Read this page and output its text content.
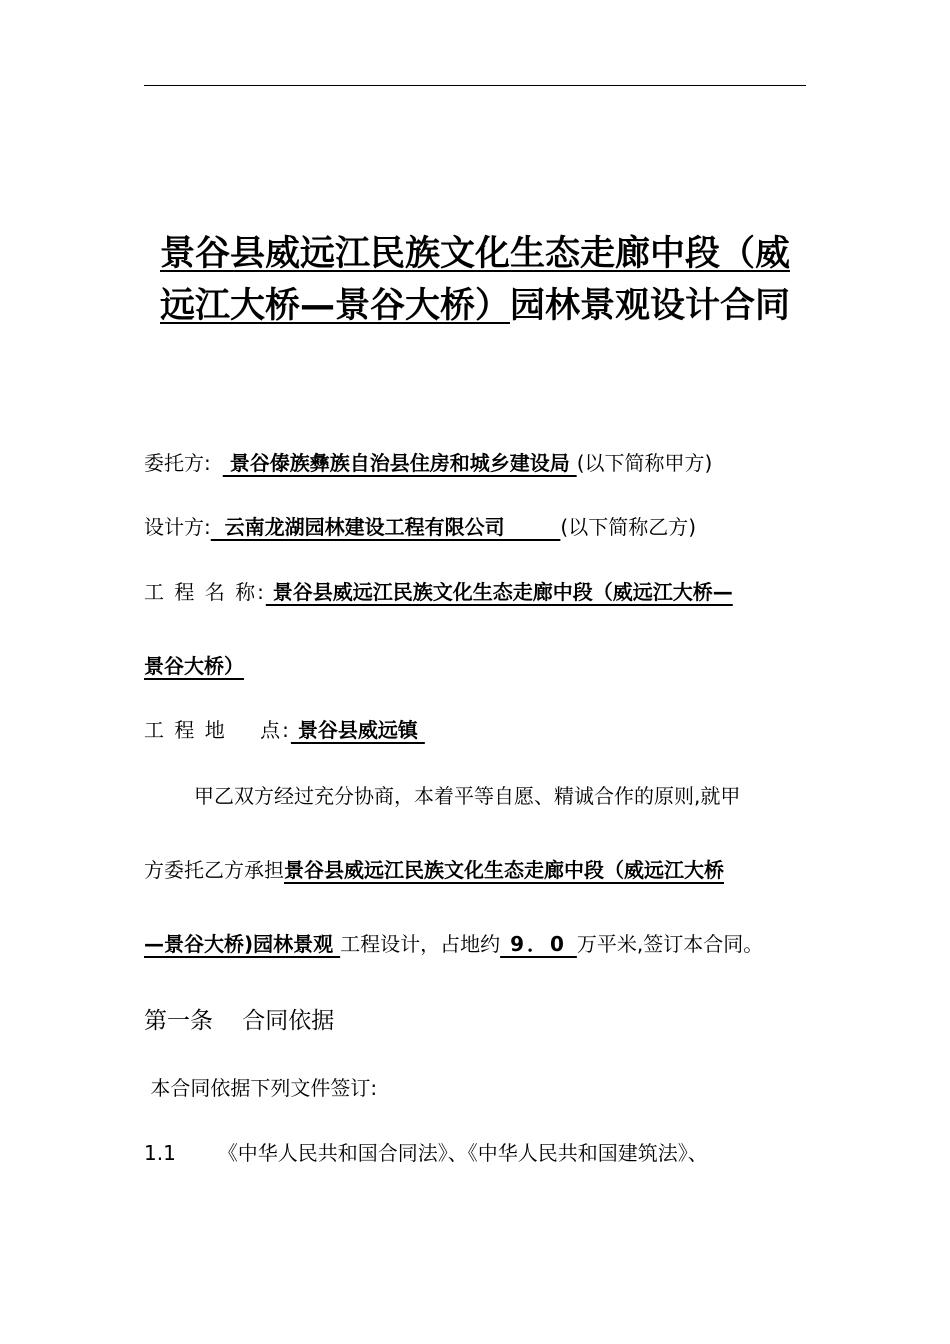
景谷县威远江民族文化生态走廊中段（威
远江大桥—景谷大桥）园林景观设计合同
委托方: 景谷傣族彝族自治县住房和城乡建设局 (以下简称甲方)
设计方:  云南龙湖园林建设工程有限公司        (以下简称乙方)
工 程 名 称: 景谷县威远江民族文化生态走廊中段（威远江大桥—
景谷大桥）
工 程 地    点: 景谷县威远镇
甲乙双方经过充分协商，本着平等自愿、精诚合作的原则,就甲
方委托乙方承担景谷县威远江民族文化生态走廊中段（威远江大桥
—景谷大桥)园林景观 工程设计，占地约 9．0 万平米,签订本合同。
第一条    合同依据
本合同依据下列文件签订:
1.1 《中华人民共和国合同法》、《中华人民共和国建筑法》、
